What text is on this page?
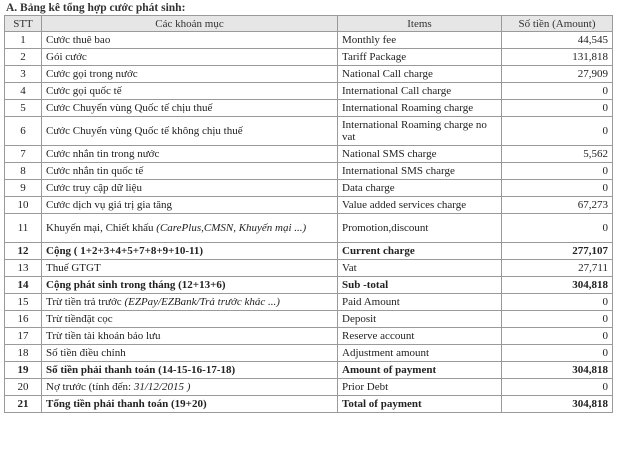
A. Bảng kê tổng hợp cước phát sinh:
STT	Các khoản mục	Items	Số tiền (Amount)
1	Cước thuê bao	Monthly fee	44,545
2	Gói cước	Tariff Package	131,818
3	Cước gọi trong nước	National Call charge	27,909
4	Cước gọi quốc tế	International Call charge	0
5	Cước Chuyển vùng Quốc tế chịu thuế	International Roaming charge	0
6	Cước Chuyển vùng Quốc tế không chịu thuế	International Roaming charge no vat	0
7	Cước nhắn tin trong nước	National SMS charge	5,562
8	Cước nhắn tin quốc tế	International SMS charge	0
9	Cước truy cập dữ liệu	Data charge	0
10	Cước dịch vụ giá trị gia tăng	Value added services charge	67,273
11	Khuyến mại, Chiết khấu (CarePlus,CMSN, Khuyến mại ...)	Promotion,discount	0
12	Cộng ( 1+2+3+4+5+7+8+9+10-11)	Current charge	277,107
13	Thuế GTGT	Vat	27,711
14	Cộng phát sinh trong tháng (12+13+6)	Sub -total	304,818
15	Trừ tiền trả trước (EZPay/EZBank/Trả trước khác ...)	Paid Amount	0
16	Trừ tiềnđặt cọc	Deposit	0
17	Trừ tiền tài khoản bảo lưu	Reserve account	0
18	Số tiền điều chỉnh	Adjustment amount	0
19	Số tiền phải thanh toán (14-15-16-17-18)	Amount of payment	304,818
20	Nợ trước (tính đến: 31/12/2015 )	Prior Debt	0
21	Tổng tiền phải thanh toán (19+20)	Total of payment	304,818
